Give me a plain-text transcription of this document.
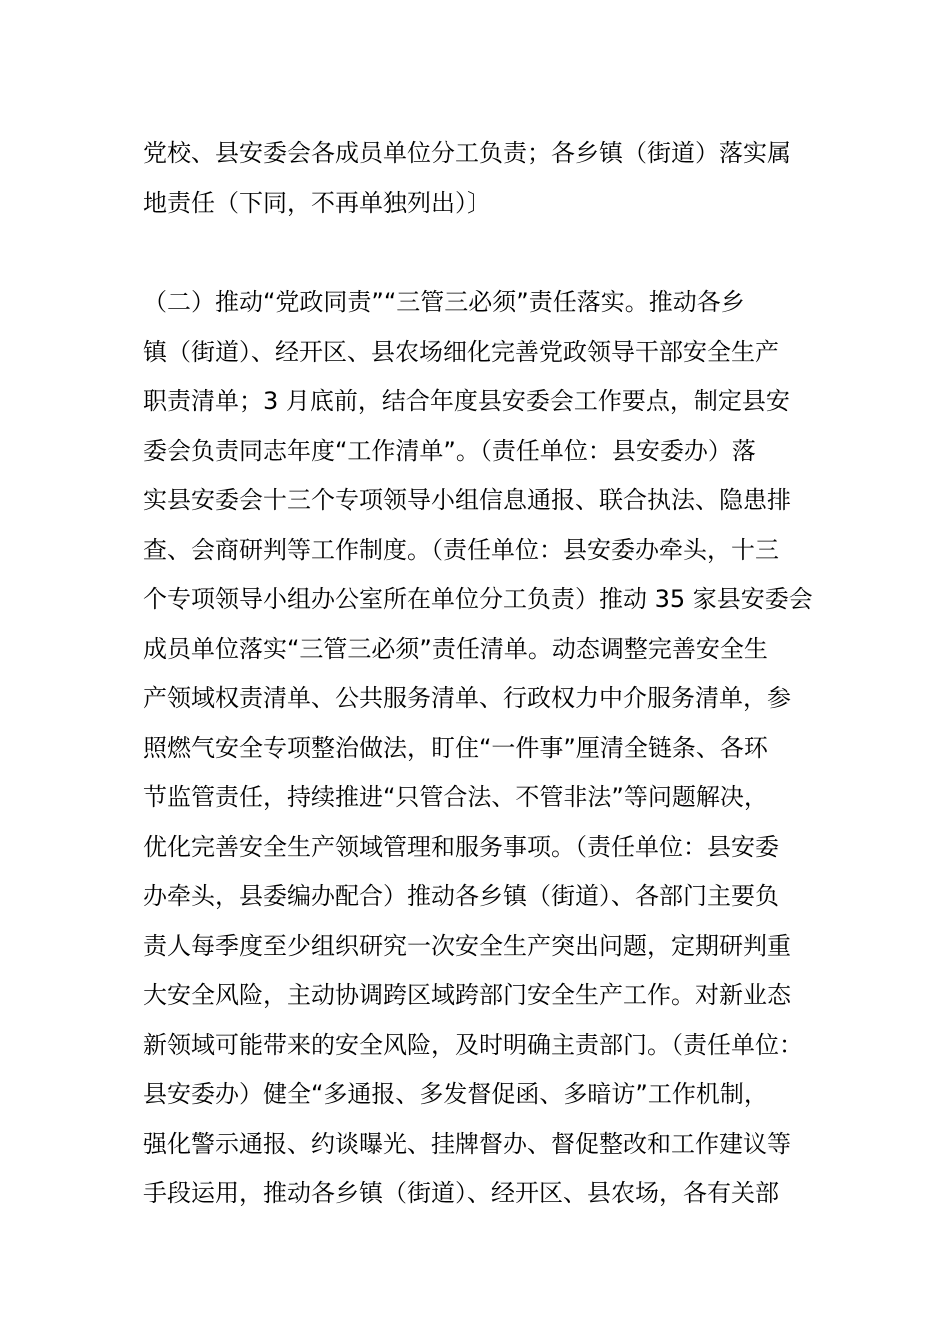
党校、县安委会各成员单位分工负责；各乡镇（街道）落实属
地责任（下同，不再单独列出）〕
（二）推动“党政同责”“三管三必须”责任落实。推动各乡
镇（街道）、经开区、县农场细化完善党政领导干部安全生产
职责清单；3 月底前，结合年度县安委会工作要点，制定县安
委会负责同志年度“工作清单”。（责任单位：县安委办）落
实县安委会十三个专项领导小组信息通报、联合执法、隐患排
查、会商研判等工作制度。（责任单位：县安委办牵头，十三
个专项领导小组办公室所在单位分工负责）推动 35 家县安委会
成员单位落实“三管三必须”责任清单。动态调整完善安全生
产领域权责清单、公共服务清单、行政权力中介服务清单，参
照燃气安全专项整治做法，盯住“一件事”厘清全链条、各环
节监管责任，持续推进“只管合法、不管非法”等问题解决，
优化完善安全生产领域管理和服务事项。（责任单位：县安委
办牵头，县委编办配合）推动各乡镇（街道）、各部门主要负
责人每季度至少组织研究一次安全生产突出问题，定期研判重
大安全风险，主动协调跨区域跨部门安全生产工作。对新业态
新领域可能带来的安全风险，及时明确主责部门。（责任单位：
县安委办）健全“多通报、多发督促函、多暗访”工作机制，
强化警示通报、约谈曝光、挂牌督办、督促整改和工作建议等
手段运用，推动各乡镇（街道）、经开区、县农场，各有关部
